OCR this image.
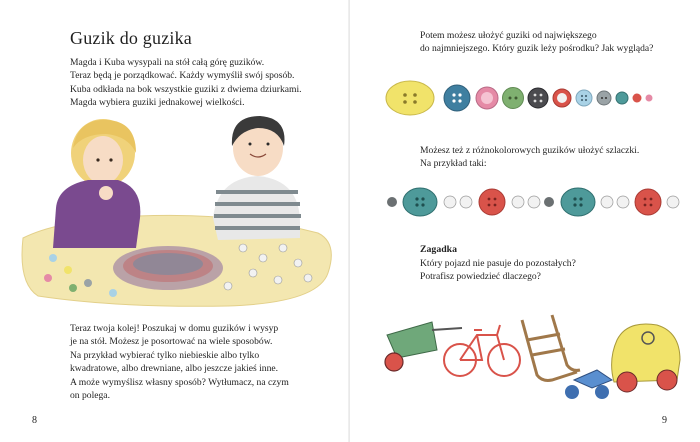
Guzik do guzika
Magda i Kuba wysypali na stół całą górę guzików.
Teraz będą je porządkować. Każdy wymyślił swój sposób.
Kuba odkłada na bok wszystkie guziki z dwiema dziurkami.
Magda wybiera guziki jednakowej wielkości.
Teraz twoja kolej! Poszukaj w domu guzików i wysyp
je na stół. Możesz je posortować na wiele sposobów.
Na przykład wybierać tylko niebieskie albo tylko
kwadratowe, albo drewniane, albo jeszcze jakieś inne.
A może wymyślisz własny sposób? Wytłumacz, na czym
on polega.
8
Potem możesz ułożyć guziki od największego
do najmniejszego. Który guzik leży pośrodku? Jak wygląda?
Możesz też z różnokolorowych guzików ułożyć szlaczki.
Na przykład taki:
Zagadka
Który pojazd nie pasuje do pozostałych?
Potrafisz powiedzieć dlaczego?
9
